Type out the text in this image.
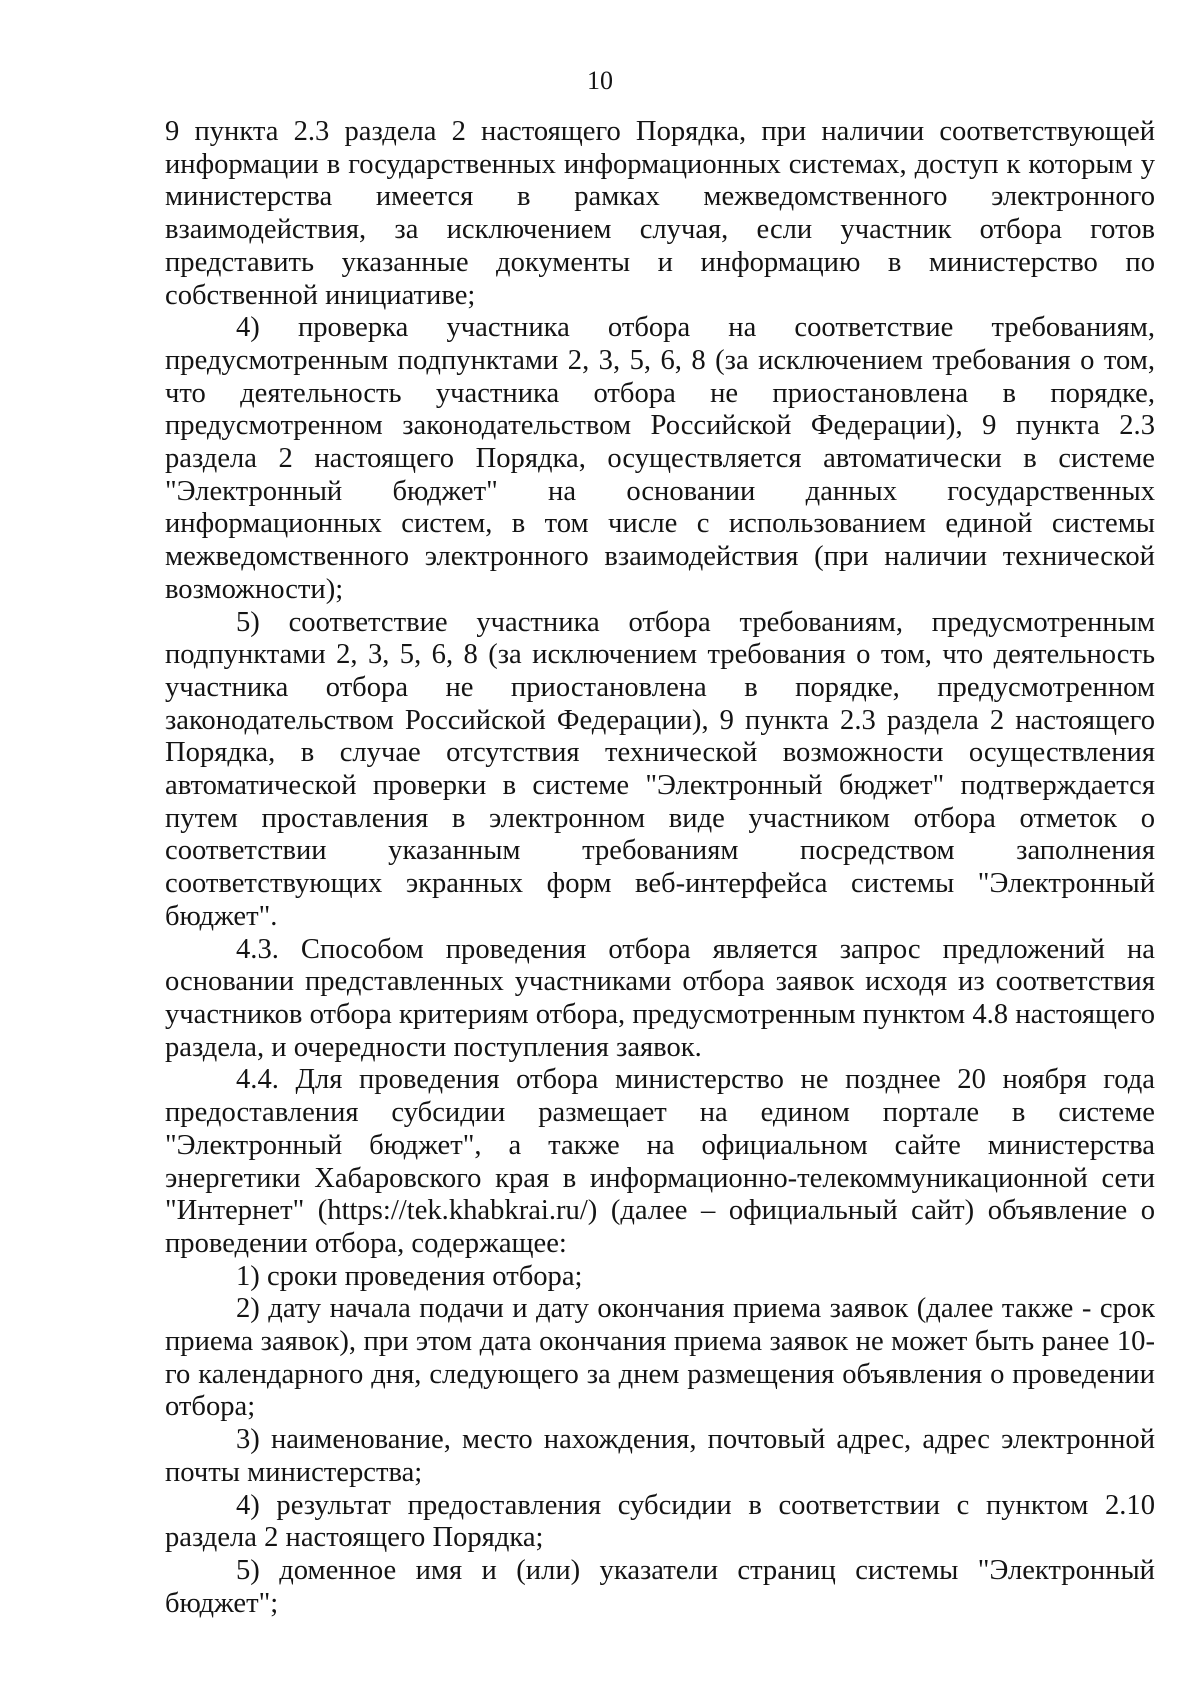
10

9 пункта 2.3 раздела 2 настоящего Порядка, при наличии соответствующей информации в государственных информационных системах, доступ к которым у министерства имеется в рамках межведомственного электронного взаимодействия, за исключением случая, если участник отбора готов представить указанные документы и информацию в министерство по собственной инициативе;

4) проверка участника отбора на соответствие требованиям, предусмотренным подпунктами 2, 3, 5, 6, 8 (за исключением требования о том, что деятельность участника отбора не приостановлена в порядке, предусмотренном законодательством Российской Федерации), 9 пункта 2.3 раздела 2 настоящего Порядка, осуществляется автоматически в системе "Электронный бюджет" на основании данных государственных информационных систем, в том числе с использованием единой системы межведомственного электронного взаимодействия (при наличии технической возможности);

5) соответствие участника отбора требованиям, предусмотренным подпунктами 2, 3, 5, 6, 8 (за исключением требования о том, что деятельность участника отбора не приостановлена в порядке, предусмотренном законодательством Российской Федерации), 9 пункта 2.3 раздела 2 настоящего Порядка, в случае отсутствия технической возможности осуществления автоматической проверки в системе "Электронный бюджет" подтверждается путем проставления в электронном виде участником отбора отметок о соответствии указанным требованиям посредством заполнения соответствующих экранных форм веб-интерфейса системы "Электронный бюджет".

4.3. Способом проведения отбора является запрос предложений на основании представленных участниками отбора заявок исходя из соответствия участников отбора критериям отбора, предусмотренным пунктом 4.8 настоящего раздела, и очередности поступления заявок.

4.4. Для проведения отбора министерство не позднее 20 ноября года предоставления субсидии размещает на едином портале в системе "Электронный бюджет", а также на официальном сайте министерства энергетики Хабаровского края в информационно-телекоммуникационной сети "Интернет" (https://tek.khabkrai.ru/) (далее – официальный сайт) объявление о проведении отбора, содержащее:

1) сроки проведения отбора;

2) дату начала подачи и дату окончания приема заявок (далее также - срок приема заявок), при этом дата окончания приема заявок не может быть ранее 10-го календарного дня, следующего за днем размещения объявления о проведении отбора;

3) наименование, место нахождения, почтовый адрес, адрес электронной почты министерства;

4) результат предоставления субсидии в соответствии с пунктом 2.10 раздела 2 настоящего Порядка;

5) доменное имя и (или) указатели страниц системы "Электронный бюджет";
